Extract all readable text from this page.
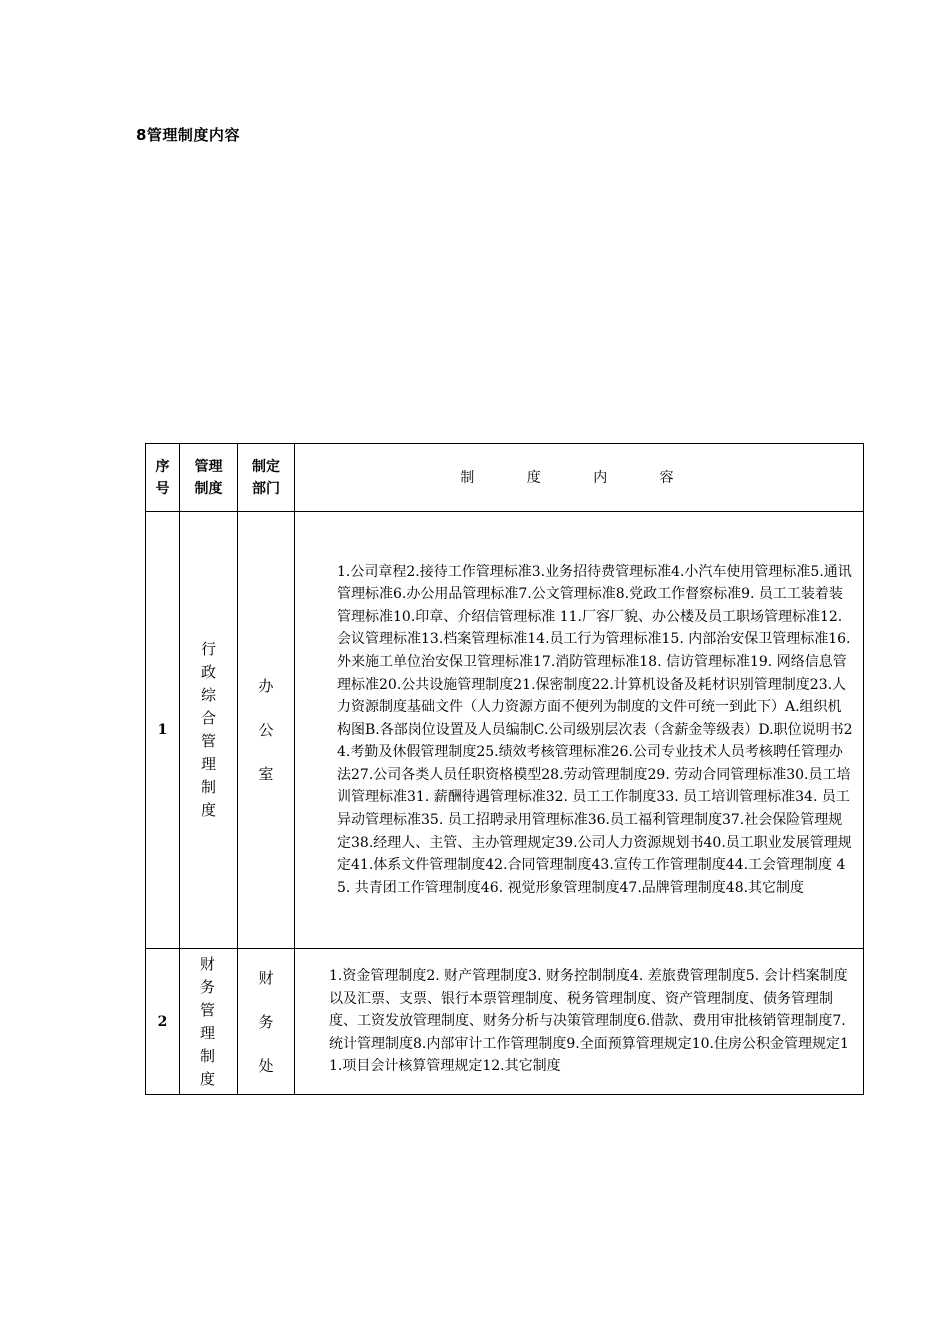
8管理制度内容
序号	管理制度	制定部门	制 度 内 容
1	行政综合管理制度	办公室	1.公司章程2.接待工作管理标准3.业务招待费管理标准4.小汽车使用管理标准5.通讯管理标准6.办公用品管理标准7.公文管理标准8.党政工作督察标准9. 员工工装着装管理标准10.印章、介绍信管理标准 11.厂容厂貌、办公楼及员工职场管理标准12.会议管理标准13.档案管理标准14.员工行为管理标准15. 内部治安保卫管理标准16.外来施工单位治安保卫管理标准17.消防管理标准18. 信访管理标准19. 网络信息管理标准20.公共设施管理制度21.保密制度22.计算机设备及耗材识别管理制度23.人力资源制度基础文件（人力资源方面不便列为制度的文件可统一到此下）A.组织机构图B.各部岗位设置及人员编制C.公司级别层次表（含薪金等级表）D.职位说明书24.考勤及休假管理制度25.绩效考核管理标准26.公司专业技术人员考核聘任管理办法27.公司各类人员任职资格模型28.劳动管理制度29. 劳动合同管理标准30.员工培训管理标准31. 薪酬待遇管理标准32. 员工工作制度33. 员工培训管理标准34. 员工异动管理标准35. 员工招聘录用管理标准36.员工福利管理制度37.社会保险管理规定38.经理人、主管、主办管理规定39.公司人力资源规划书40.员工职业发展管理规定41.体系文件管理制度42.合同管理制度43.宣传工作管理制度44.工会管理制度 45. 共青团工作管理制度46. 视觉形象管理制度47.品牌管理制度48.其它制度
2	财务管理制度	财务处	1.资金管理制度2. 财产管理制度3. 财务控制制度4. 差旅费管理制度5. 会计档案制度以及汇票、支票、银行本票管理制度、税务管理制度、资产管理制度、债务管理制度、工资发放管理制度、财务分析与决策管理制度6.借款、费用审批核销管理制度7.统计管理制度8.内部审计工作管理制度9.全面预算管理规定10.住房公积金管理规定11.项目会计核算管理规定12.其它制度
